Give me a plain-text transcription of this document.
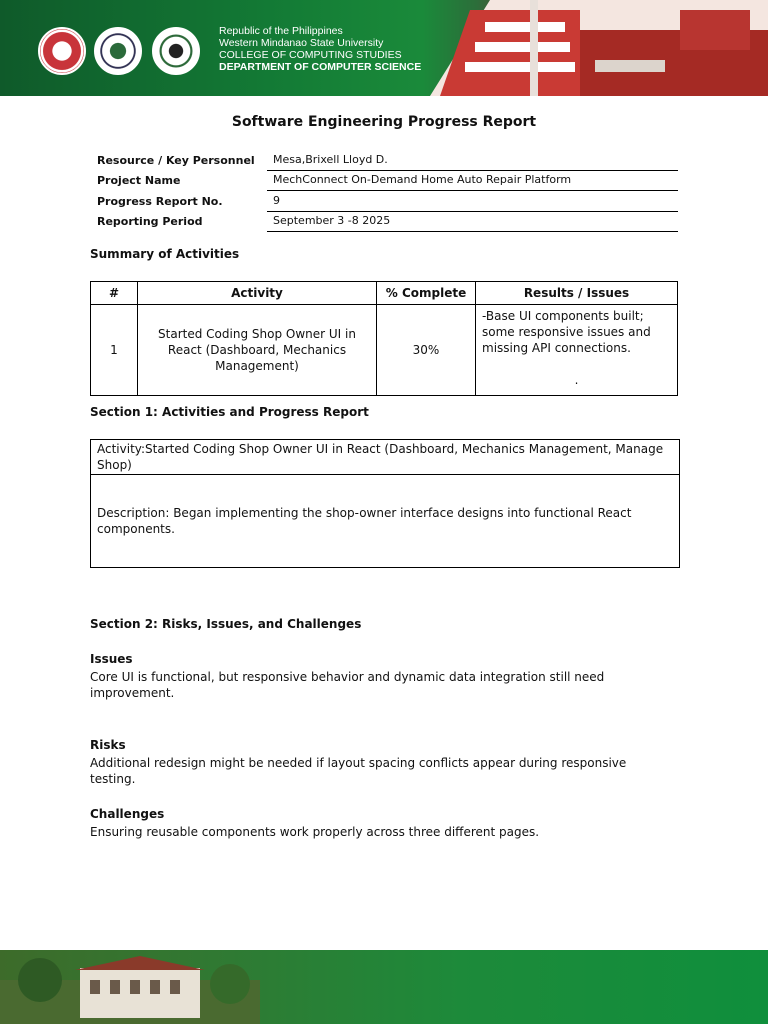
Republic of the Philippines
Western Mindanao State University
COLLEGE OF COMPUTING STUDIES
DEPARTMENT OF COMPUTER SCIENCE
Software Engineering Progress Report
Resource / Key Personnel	Mesa,Brixell Lloyd D.
Project Name	MechConnect On-Demand Home Auto Repair Platform
Progress Report No.	9
Reporting Period	September 3 -8 2025
Summary of Activities
#	Activity	% Complete	Results / Issues
1	Started Coding Shop Owner UI in React (Dashboard, Mechanics Management)	30%	-Base UI components built; some responsive issues and missing API connections.
.
Section 1: Activities and Progress Report
Activity:Started Coding Shop Owner UI in React (Dashboard, Mechanics Management, Manage Shop)
Description: Began implementing the shop-owner interface designs into functional React components.
Section 2: Risks, Issues, and Challenges
Issues
Core UI is functional, but responsive behavior and dynamic data integration still need improvement.
Risks
Additional redesign might be needed if layout spacing conflicts appear during responsive testing.
Challenges
Ensuring reusable components work properly across three different pages.
